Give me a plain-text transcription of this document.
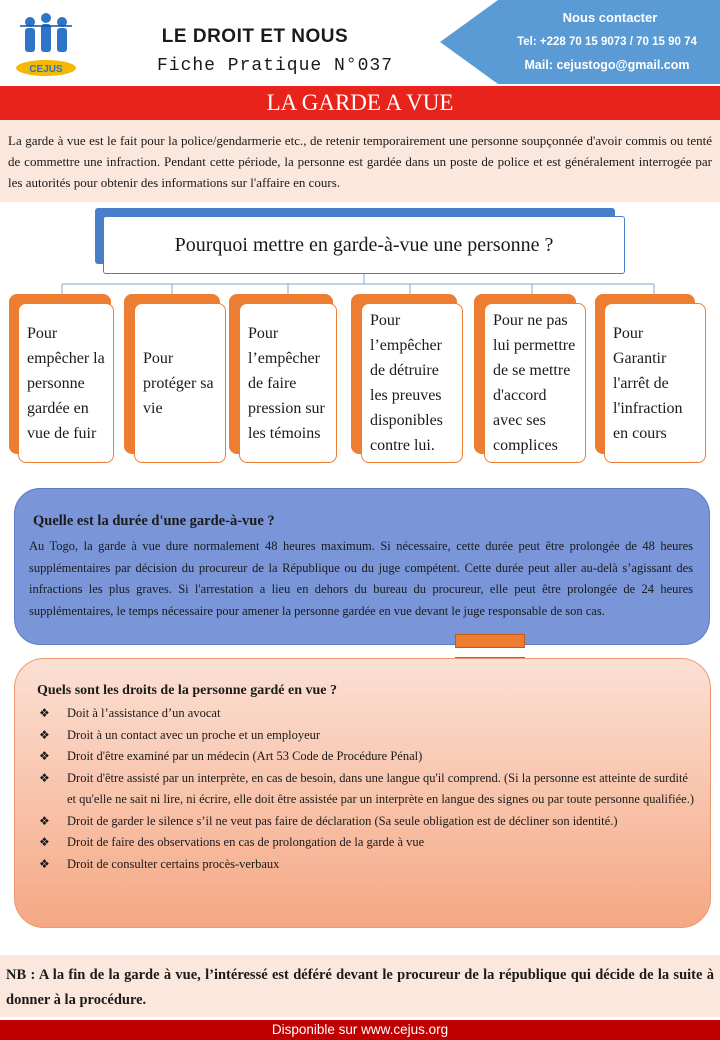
CEJUS
LE DROIT ET NOUS
Fiche Pratique N°037
Nous contacter
Tel: +228 70 15 9073 / 70 15 90 74
Mail: cejustogo@gmail.com
LA GARDE A VUE
La garde à vue est le fait pour la police/gendarmerie etc., de retenir temporairement une personne soupçonnée d'avoir commis ou tenté de commettre une infraction. Pendant cette période, la personne est gardée dans un poste de police et est généralement interrogée par les autorités pour obtenir des informations sur l'affaire en cours.
Pourquoi mettre en garde-à-vue une personne ?
Pour empêcher la personne gardée en vue de fuir
Pour protéger sa vie
Pour l’empêcher de faire pression sur les témoins
Pour l’empêcher de détruire les preuves disponibles contre lui.
Pour ne pas lui permettre de se mettre d'accord avec ses complices
Pour Garantir l'arrêt de l'infraction en cours
Quelle est la durée d'une garde-à-vue ?

Au Togo, la garde à vue dure normalement 48 heures maximum. Si nécessaire, cette durée peut être prolongée de 48 heures supplémentaires par décision du procureur de la République ou du juge compétent. Cette durée peut aller au-delà s’agissant des infractions les plus graves. Si l'arrestation a lieu en dehors du bureau du procureur, elle peut être prolongée de 24 heures supplémentaires, le temps nécessaire pour amener la personne gardée en vue devant le juge responsable de son cas.

Quels sont les droits de la personne gardé en vue ?
❖ Doit à l’assistance d’un avocat
❖ Droit à un contact avec un proche et un employeur
❖ Droit d'être examiné par un médecin (Art 53 Code de Procédure Pénal)
❖ Droit d'être assisté par un interprète, en cas de besoin, dans une langue qu'il comprend. (Si la personne est atteinte de surdité et qu'elle ne sait ni lire, ni écrire, elle doit être assistée par un interprète en langue des signes ou par toute personne qualifiée.)
❖ Droit de garder le silence s’il ne veut pas faire de déclaration (Sa seule obligation est de décliner son identité.)
❖ Droit de faire des observations en cas de prolongation de la garde à vue
❖ Droit de consulter certains procès-verbaux
NB : A la fin de la garde à vue, l’intéressé est déféré devant le procureur de la république qui décide de la suite à donner à la procédure.
Disponible sur www.cejus.org
